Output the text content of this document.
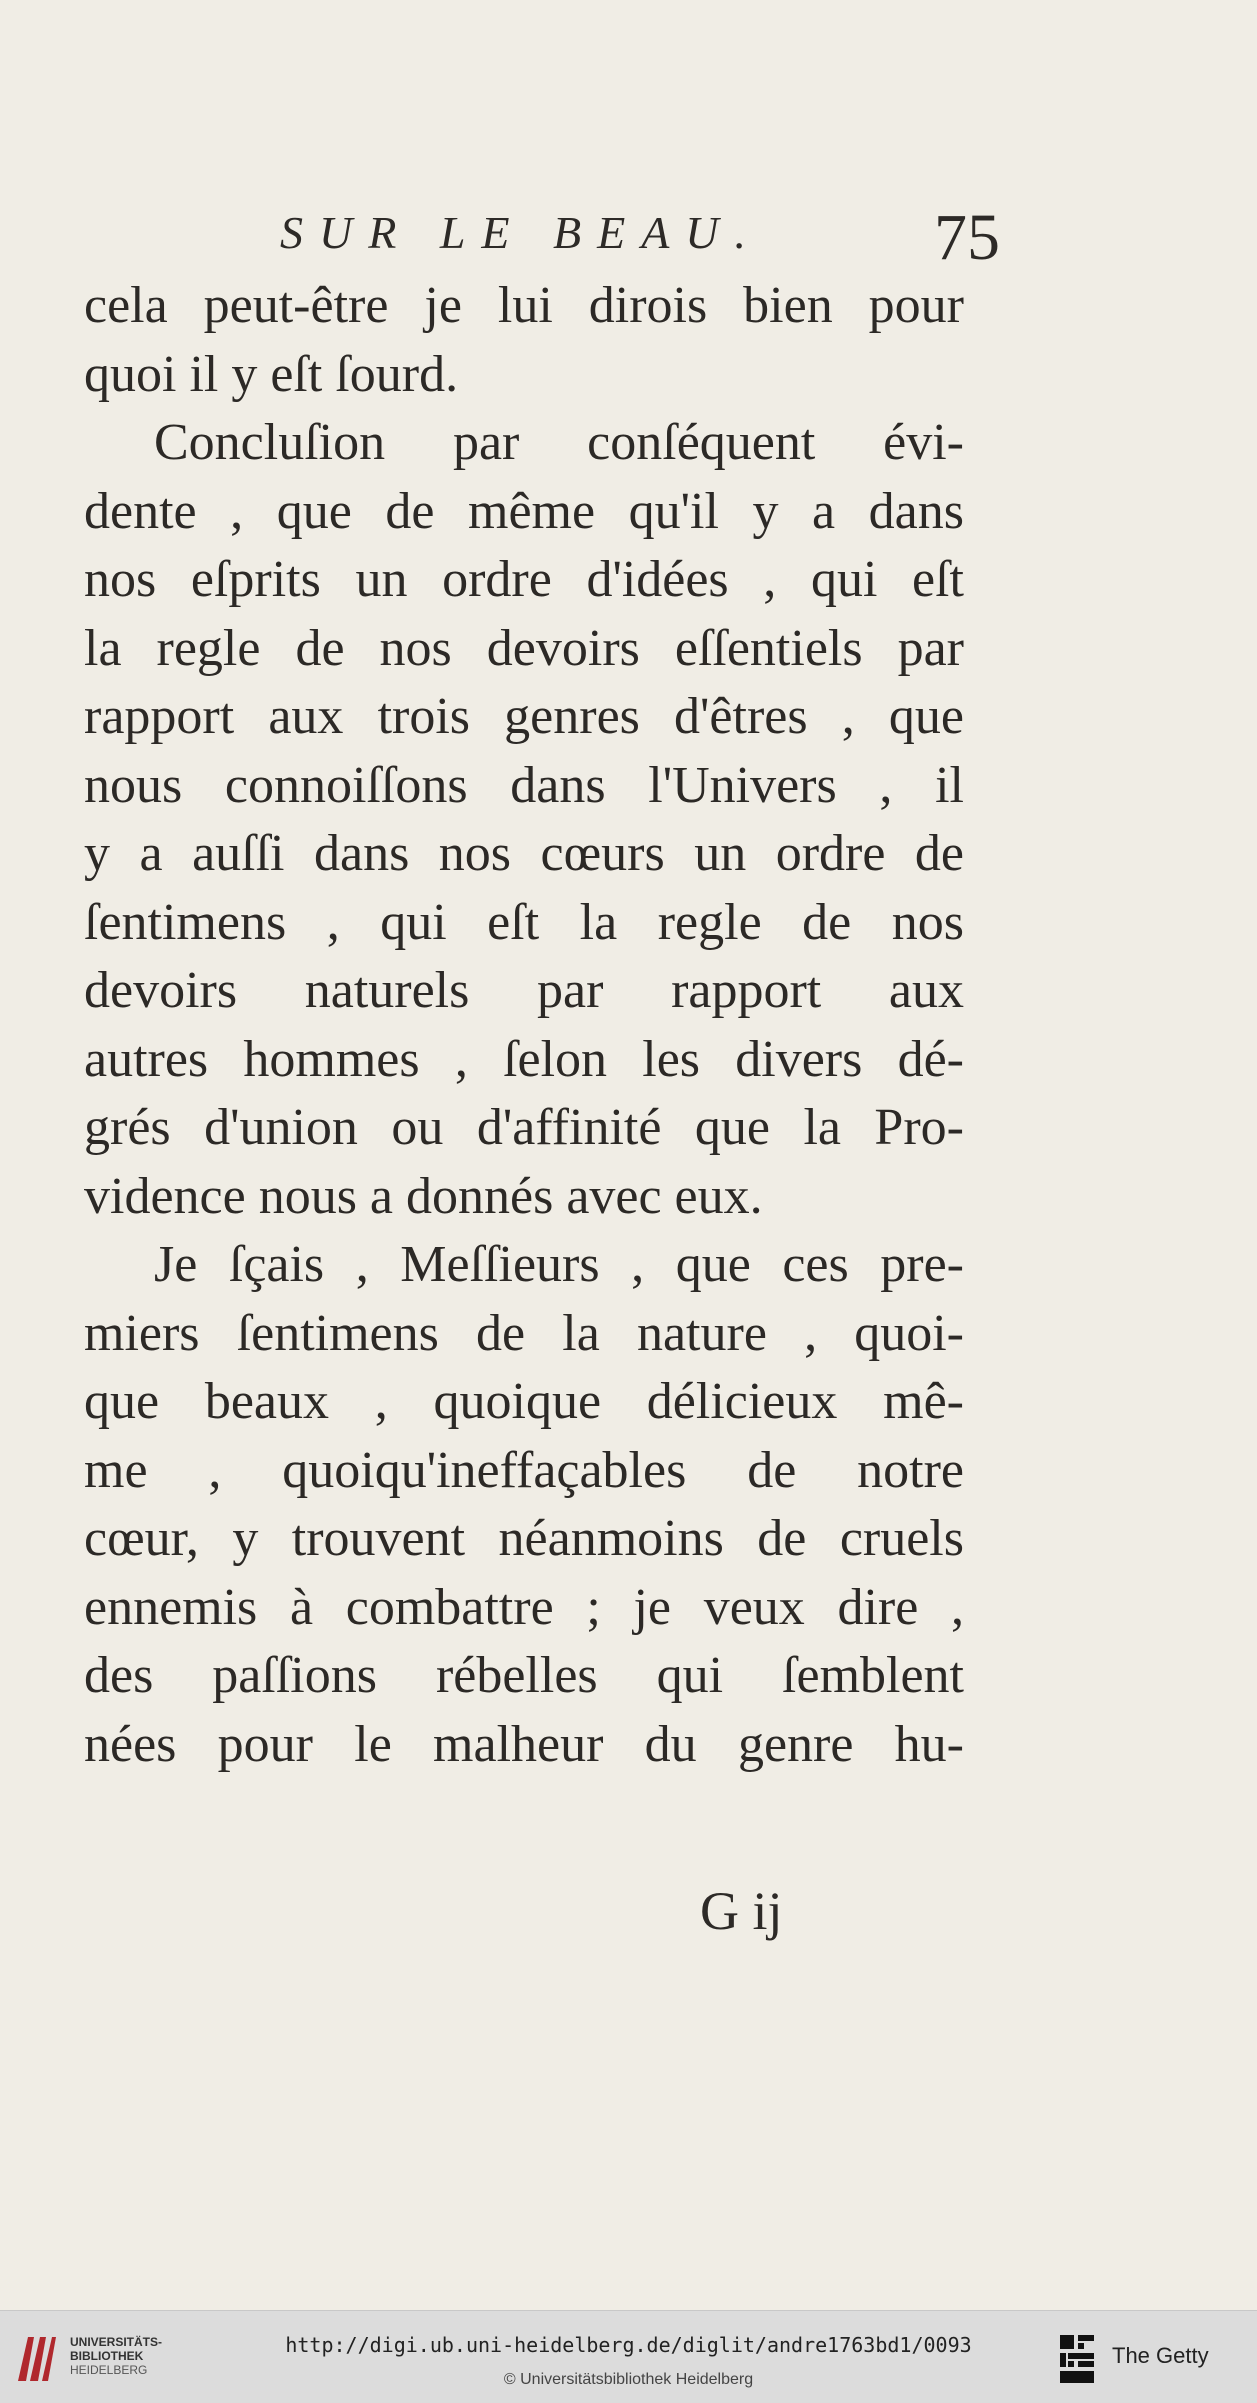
SUR LE BEAU.	75
cela peut-être je lui dirois bien pour
quoi il y eſt ſourd.
Concluſion par conſéquent évi-
dente , que de même qu'il y a dans
nos eſprits un ordre d'idées , qui eſt
la regle de nos devoirs eſſentiels par
rapport aux trois genres d'êtres , que
nous connoiſſons dans l'Univers , il
y a auſſi dans nos cœurs un ordre de
ſentimens , qui eſt la regle de nos
devoirs naturels par rapport aux
autres hommes , ſelon les divers dé-
grés d'union ou d'affinité que la Pro-
vidence nous a donnés avec eux.
Je ſçais , Meſſieurs , que ces pre-
miers ſentimens de la nature , quoi-
que beaux , quoique délicieux mê-
me , quoiqu'ineffaçables de notre
cœur, y trouvent néanmoins de cruels
ennemis à combattre ; je veux dire ,
des paſſions rébelles qui ſemblent
nées pour le malheur du genre hu-
G ij
UNIVERSITÄTS-
BIBLIOTHEK
HEIDELBERG
http://digi.ub.uni-heidelberg.de/diglit/andre1763bd1/0093
© Universitätsbibliothek Heidelberg
The Getty
